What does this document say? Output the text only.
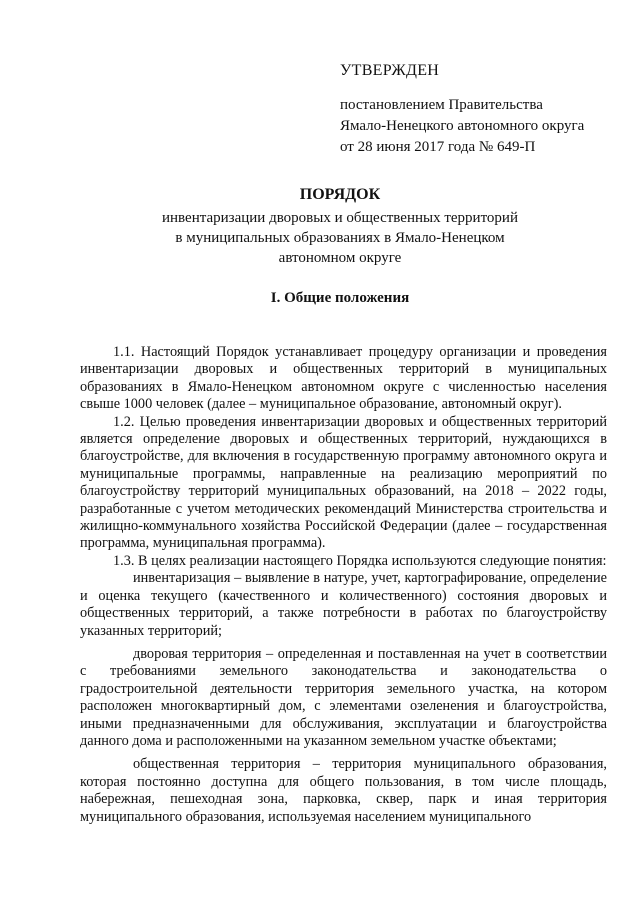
УТВЕРЖДЕН
постановлением Правительства
Ямало-Ненецкого автономного округа
от 28 июня 2017 года № 649-П
ПОРЯДОК
инвентаризации дворовых и общественных территорий
в муниципальных образованиях в Ямало-Ненецком
автономном округе
I. Общие положения

1.1. Настоящий Порядок устанавливает процедуру организации и проведения инвентаризации дворовых и общественных территорий в муниципальных образованиях в Ямало-Ненецком автономном округе с численностью населения свыше 1000 человек (далее – муниципальное образование, автономный округ).

1.2. Целью проведения инвентаризации дворовых и общественных территорий является определение дворовых и общественных территорий, нуждающихся в благоустройстве, для включения в государственную программу автономного округа и муниципальные программы, направленные на реализацию мероприятий по благоустройству территорий муниципальных образований, на 2018 – 2022 годы, разработанные с учетом методических рекомендаций Министерства строительства и жилищно-коммунального хозяйства Российской Федерации (далее – государственная программа, муниципальная программа).

1.3. В целях реализации настоящего Порядка используются следующие понятия:

инвентаризация – выявление в натуре, учет, картографирование, определение и оценка текущего (качественного и количественного) состояния дворовых и общественных территорий, а также потребности в работах по благоустройству указанных территорий;

дворовая территория – определенная и поставленная на учет в соответствии с требованиями земельного законодательства и законодательства о градостроительной деятельности территория земельного участка, на котором расположен многоквартирный дом, с элементами озеленения и благоустройства, иными предназначенными для обслуживания, эксплуатации и благоустройства данного дома и расположенными на указанном земельном участке объектами;

общественная территория – территория муниципального образования, которая постоянно доступна для общего пользования, в том числе площадь, набережная, пешеходная зона, парковка, сквер, парк и иная территория муниципального образования, используемая населением муниципального
